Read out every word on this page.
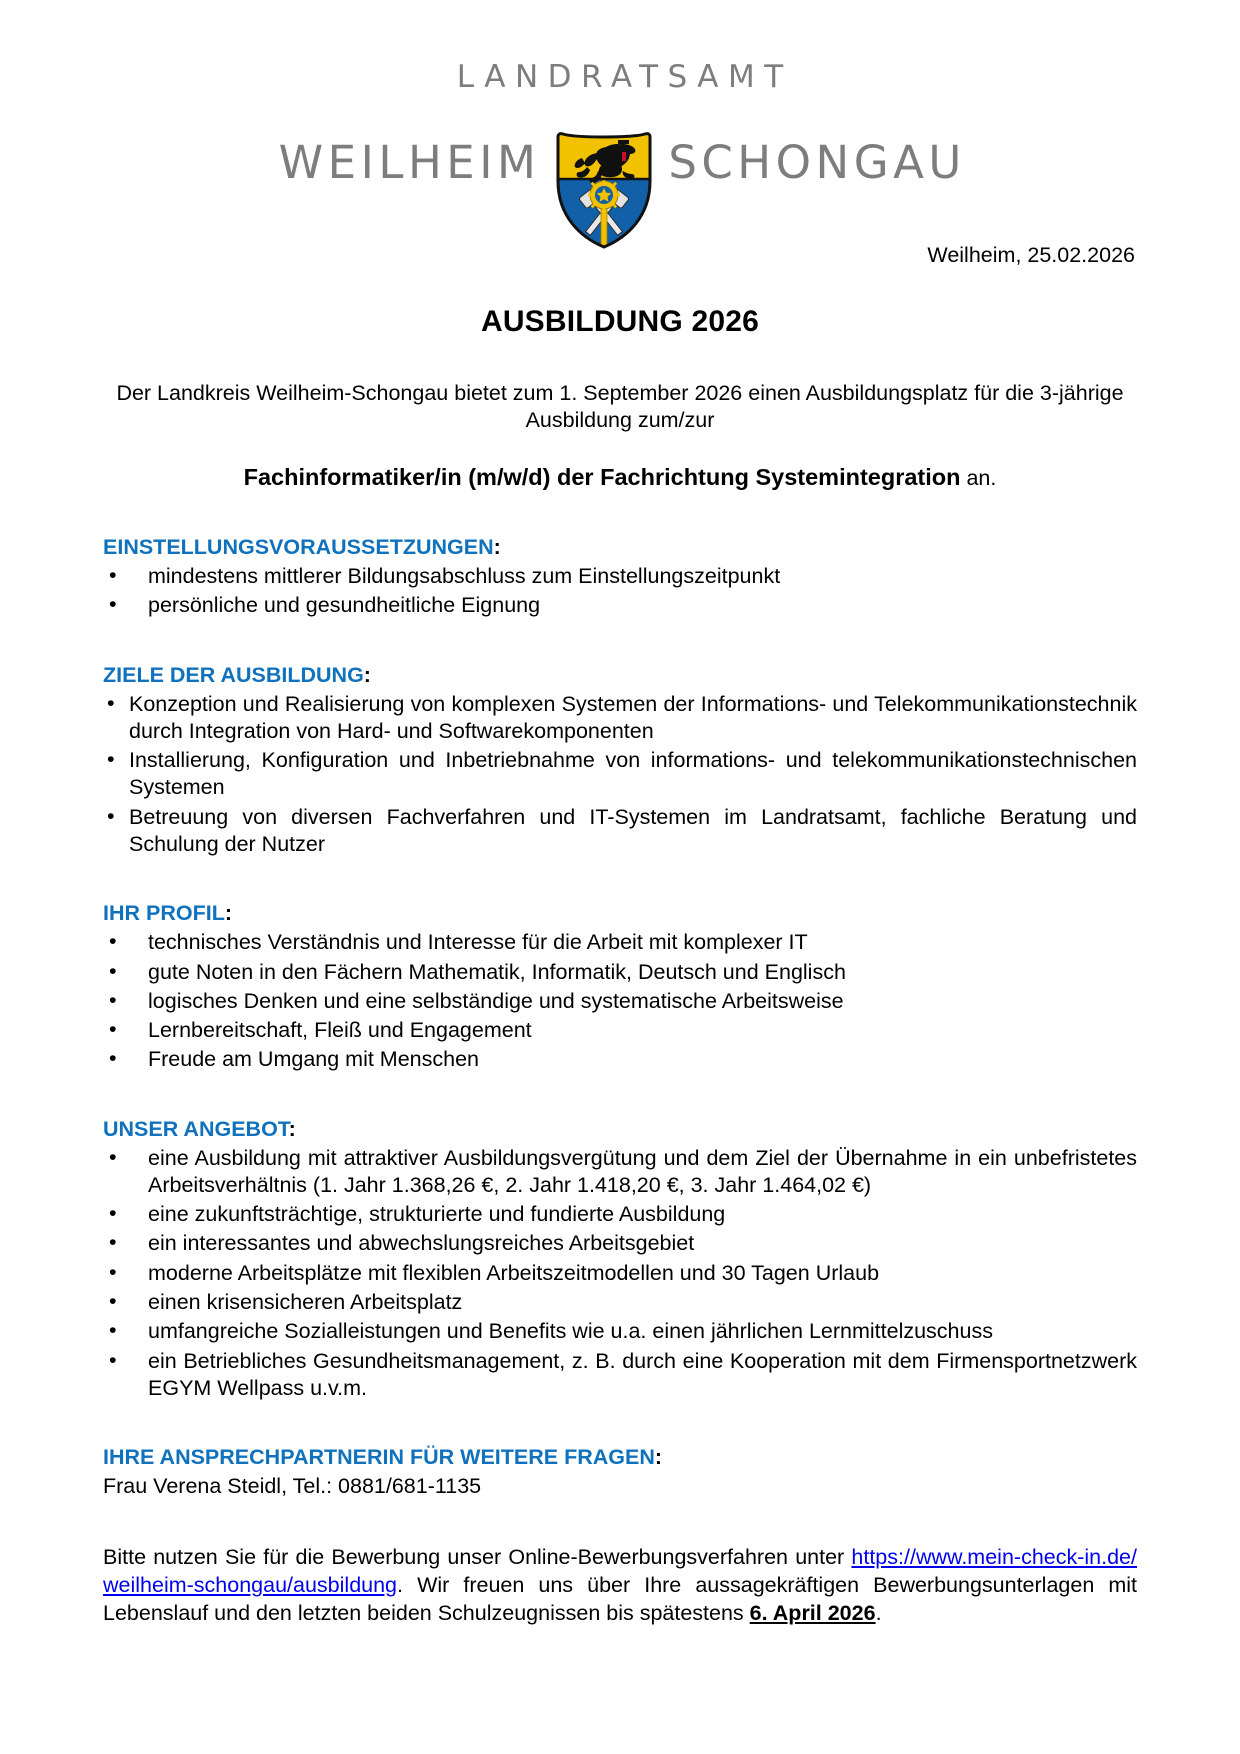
LANDRATSAMT
WEILHEIM	SCHONGAU
Weilheim, 25.02.2026
AUSBILDUNG 2026

Der Landkreis Weilheim-Schongau bietet zum 1. September 2026 einen Ausbildungsplatz für die 3-jährige Ausbildung zum/zur

Fachinformatiker/in (m/w/d) der Fachrichtung Systemintegration an.

EINSTELLUNGSVORAUSSETZUNGEN:
• mindestens mittlerer Bildungsabschluss zum Einstellungszeitpunkt
• persönliche und gesundheitliche Eignung
ZIELE DER AUSBILDUNG:
• Konzeption und Realisierung von komplexen Systemen der Informations- und Telekommunikationstechnik durch Integration von Hard- und Softwarekomponenten
• Installierung, Konfiguration und Inbetriebnahme von informations- und telekommunikationstechnischen Systemen
• Betreuung von diversen Fachverfahren und IT-Systemen im Landratsamt, fachliche Beratung und Schulung der Nutzer
IHR PROFIL:
• technisches Verständnis und Interesse für die Arbeit mit komplexer IT
• gute Noten in den Fächern Mathematik, Informatik, Deutsch und Englisch
• logisches Denken und eine selbständige und systematische Arbeitsweise
• Lernbereitschaft, Fleiß und Engagement
• Freude am Umgang mit Menschen
UNSER ANGEBOT:
• eine Ausbildung mit attraktiver Ausbildungsvergütung und dem Ziel der Übernahme in ein unbefristetes Arbeitsverhältnis (1. Jahr 1.368,26 €, 2. Jahr 1.418,20 €, 3. Jahr 1.464,02 €)
• eine zukunftsträchtige, strukturierte und fundierte Ausbildung
• ein interessantes und abwechslungsreiches Arbeitsgebiet
• moderne Arbeitsplätze mit flexiblen Arbeitszeitmodellen und 30 Tagen Urlaub
• einen krisensicheren Arbeitsplatz
• umfangreiche Sozialleistungen und Benefits wie u.a. einen jährlichen Lernmittelzuschuss
• ein Betriebliches Gesundheitsmanagement, z. B. durch eine Kooperation mit dem Firmensportnetzwerk EGYM Wellpass u.v.m.
IHRE ANSPRECHPARTNERIN FÜR WEITERE FRAGEN:

Frau Verena Steidl, Tel.: 0881/681-1135

Bitte nutzen Sie für die Bewerbung unser Online-Bewerbungsverfahren unter https://www.mein-check-in.de/weilheim-schongau/ausbildung. Wir freuen uns über Ihre aussagekräftigen Bewerbungsunterlagen mit Lebenslauf und den letzten beiden Schulzeugnissen bis spätestens 6. April 2026.
